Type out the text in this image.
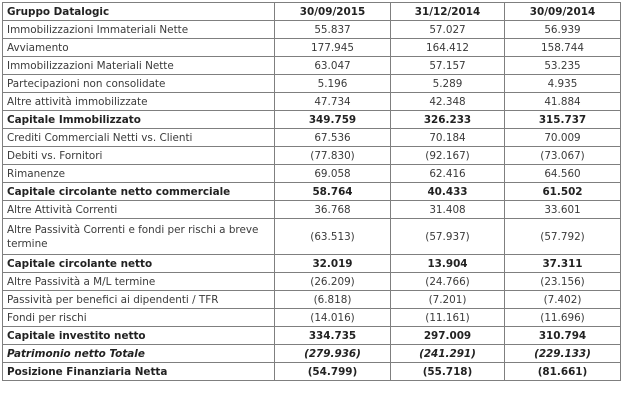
Gruppo Datalogic	30/09/2015	31/12/2014	30/09/2014
Immobilizzazioni Immateriali Nette	55.837	57.027	56.939
Avviamento	177.945	164.412	158.744
Immobilizzazioni Materiali Nette	63.047	57.157	53.235
Partecipazioni non consolidate	5.196	5.289	4.935
Altre attività immobilizzate	47.734	42.348	41.884
Capitale Immobilizzato	349.759	326.233	315.737
Crediti Commerciali Netti vs. Clienti	67.536	70.184	70.009
Debiti vs. Fornitori	(77.830)	(92.167)	(73.067)
Rimanenze	69.058	62.416	64.560
Capitale circolante netto commerciale	58.764	40.433	61.502
Altre Attività Correnti	36.768	31.408	33.601
Altre Passività Correnti e fondi per rischi a breve termine	(63.513)	(57.937)	(57.792)
Capitale circolante netto	32.019	13.904	37.311
Altre Passività a M/L termine	(26.209)	(24.766)	(23.156)
Passività per benefici ai dipendenti / TFR	(6.818)	(7.201)	(7.402)
Fondi per rischi	(14.016)	(11.161)	(11.696)
Capitale investito netto	334.735	297.009	310.794
Patrimonio netto Totale	(279.936)	(241.291)	(229.133)
Posizione Finanziaria Netta	(54.799)	(55.718)	(81.661)
